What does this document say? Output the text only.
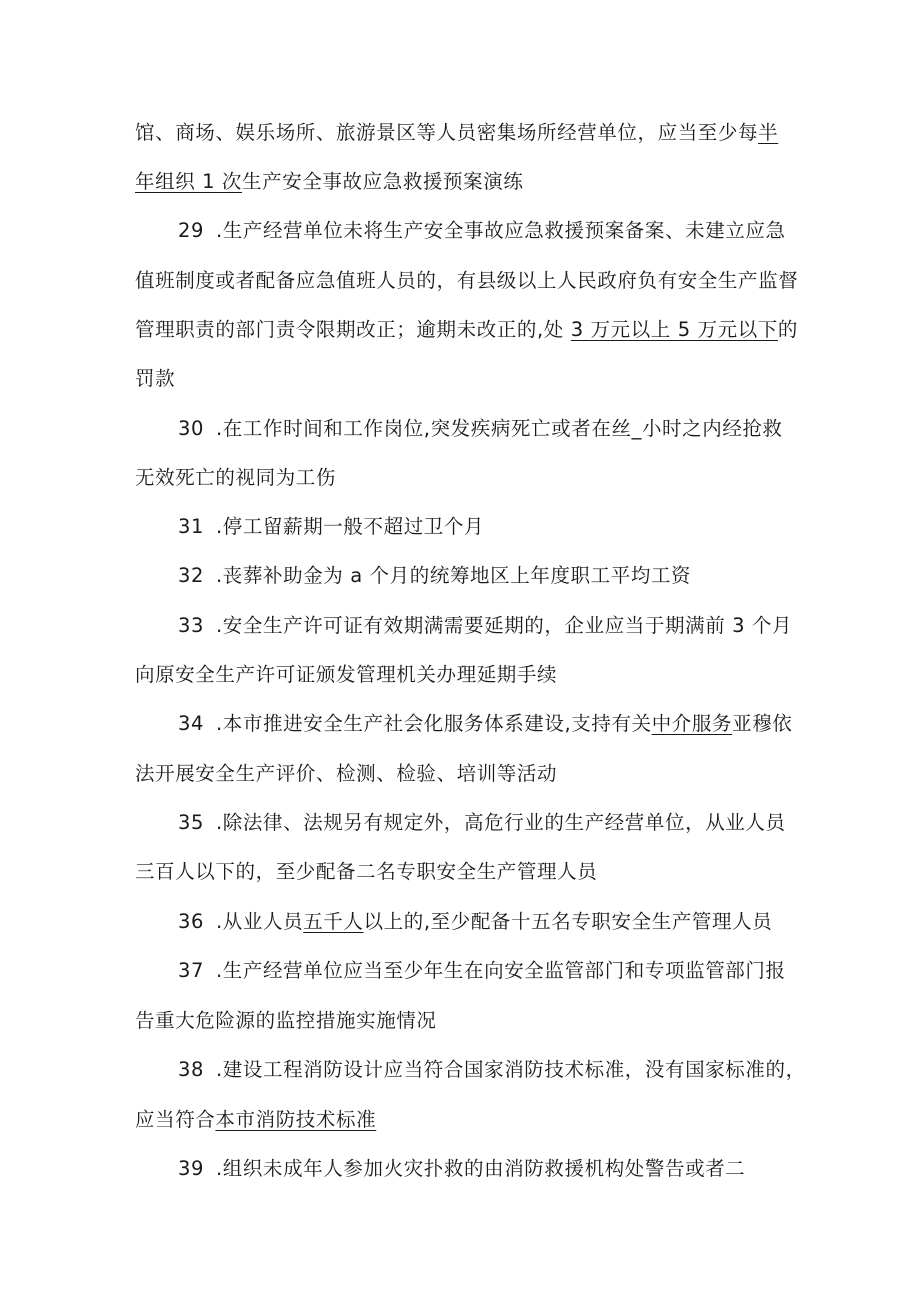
馆、商场、娱乐场所、旅游景区等人员密集场所经营单位，应当至少每半
年组织 1 次生产安全事故应急救援预案演练
29 .生产经营单位未将生产安全事故应急救援预案备案、未建立应急
值班制度或者配备应急值班人员的，有县级以上人民政府负有安全生产监督
管理职责的部门责令限期改正；逾期未改正的,处 3 万元以上 5 万元以下的
罚款
30 .在工作时间和工作岗位,突发疾病死亡或者在丝_小时之内经抢救
无效死亡的视同为工伤
31 .停工留薪期一般不超过卫个月
32 .丧葬补助金为 a 个月的统筹地区上年度职工平均工资
33 .安全生产许可证有效期满需要延期的，企业应当于期满前 3 个月
向原安全生产许可证颁发管理机关办理延期手续
34 .本市推进安全生产社会化服务体系建设,支持有关中介服务亚穆依
法开展安全生产评价、检测、检验、培训等活动
35 .除法律、法规另有规定外，高危行业的生产经营单位，从业人员
三百人以下的，至少配备二名专职安全生产管理人员
36 .从业人员五千人以上的,至少配备十五名专职安全生产管理人员
37 .生产经营单位应当至少年生在向安全监管部门和专项监管部门报
告重大危险源的监控措施实施情况
38 .建设工程消防设计应当符合国家消防技术标准，没有国家标准的，
应当符合本市消防技术标准
39 .组织未成年人参加火灾扑救的由消防救援机构处警告或者二
